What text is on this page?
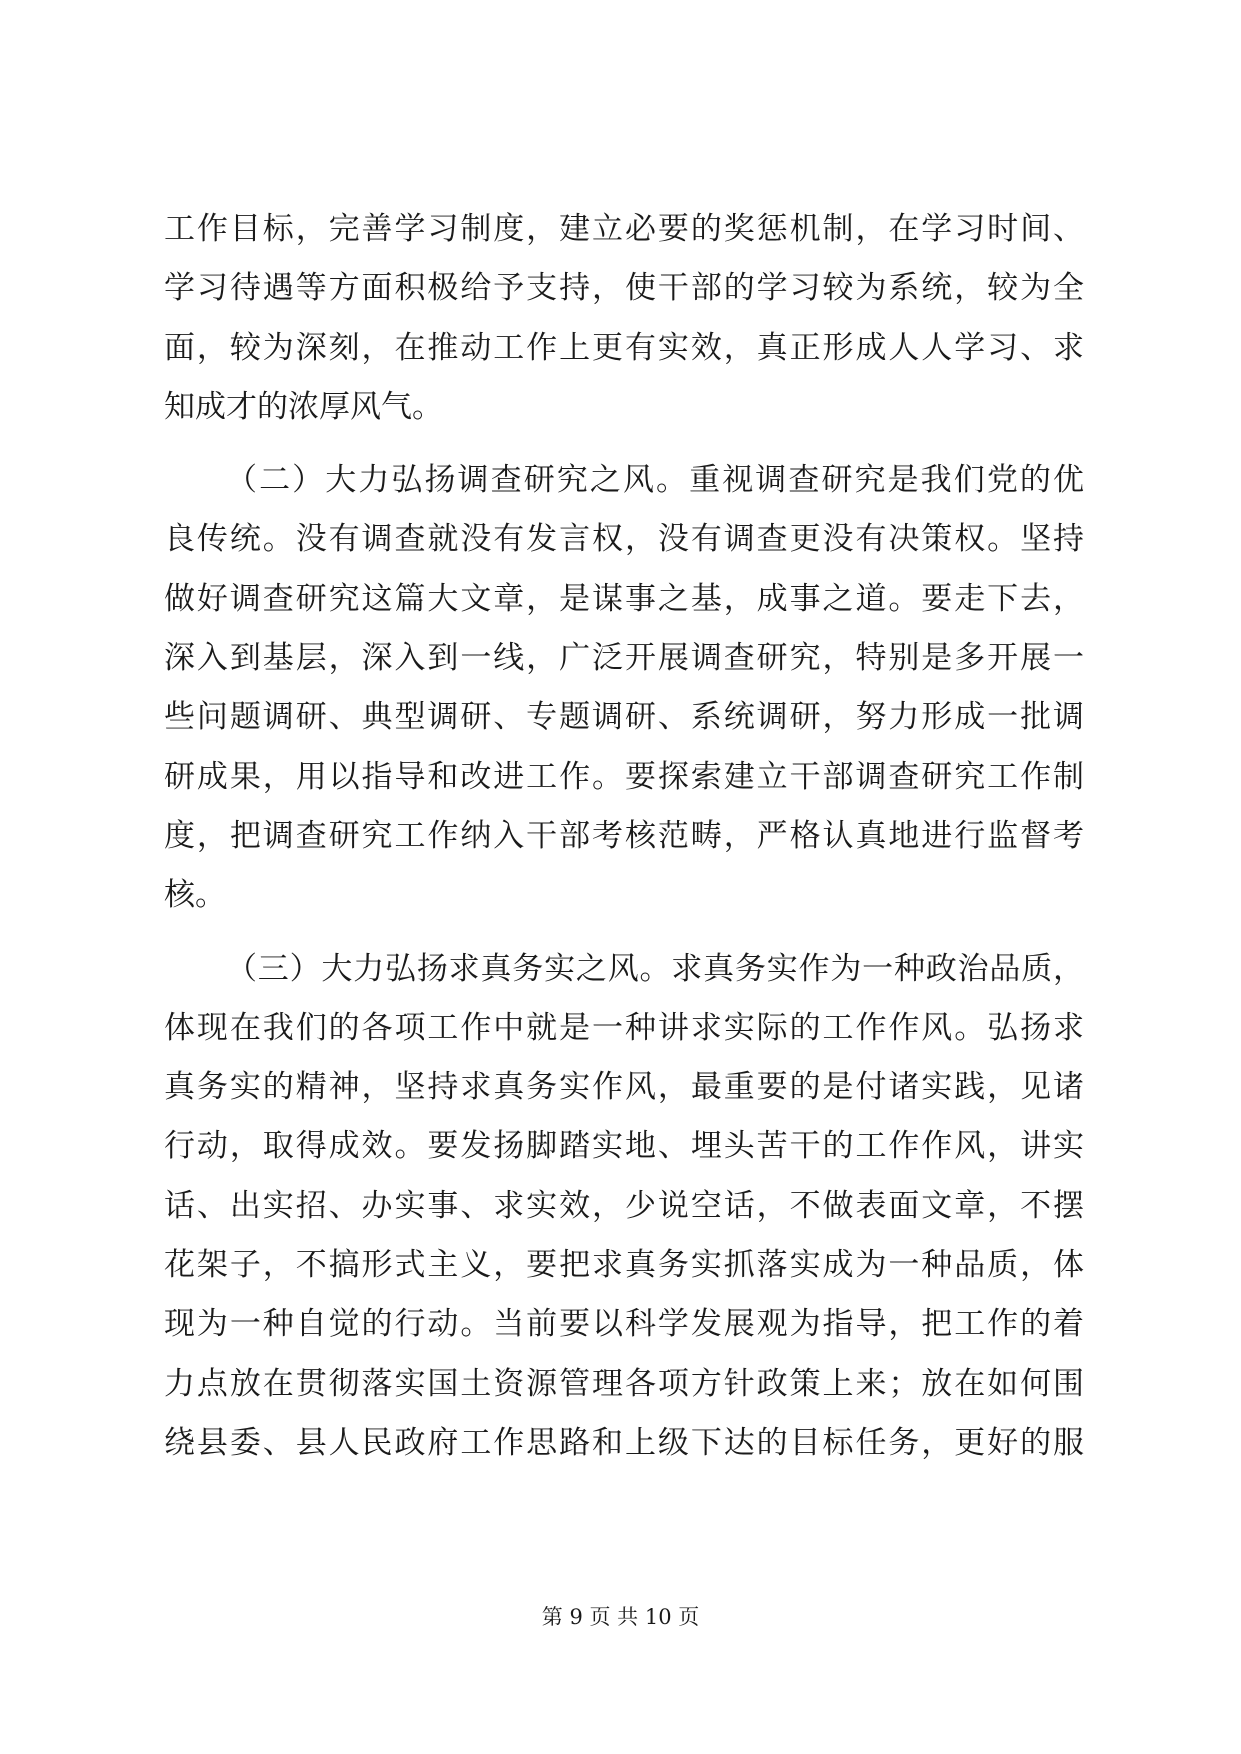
工作目标，完善学习制度，建立必要的奖惩机制，在学习时间、
学习待遇等方面积极给予支持，使干部的学习较为系统，较为全
面，较为深刻，在推动工作上更有实效，真正形成人人学习、求
知成才的浓厚风气。
（二）大力弘扬调查研究之风。重视调查研究是我们党的优
良传统。没有调查就没有发言权，没有调查更没有决策权。坚持
做好调查研究这篇大文章，是谋事之基，成事之道。要走下去，
深入到基层，深入到一线，广泛开展调查研究，特别是多开展一
些问题调研、典型调研、专题调研、系统调研，努力形成一批调
研成果，用以指导和改进工作。要探索建立干部调查研究工作制
度，把调查研究工作纳入干部考核范畴，严格认真地进行监督考
核。
（三）大力弘扬求真务实之风。求真务实作为一种政治品质，
体现在我们的各项工作中就是一种讲求实际的工作作风。弘扬求
真务实的精神，坚持求真务实作风，最重要的是付诸实践，见诸
行动，取得成效。要发扬脚踏实地、埋头苦干的工作作风，讲实
话、出实招、办实事、求实效，少说空话，不做表面文章，不摆
花架子，不搞形式主义，要把求真务实抓落实成为一种品质，体
现为一种自觉的行动。当前要以科学发展观为指导，把工作的着
力点放在贯彻落实国土资源管理各项方针政策上来；放在如何围
绕县委、县人民政府工作思路和上级下达的目标任务，更好的服
第 9 页 共 10 页
